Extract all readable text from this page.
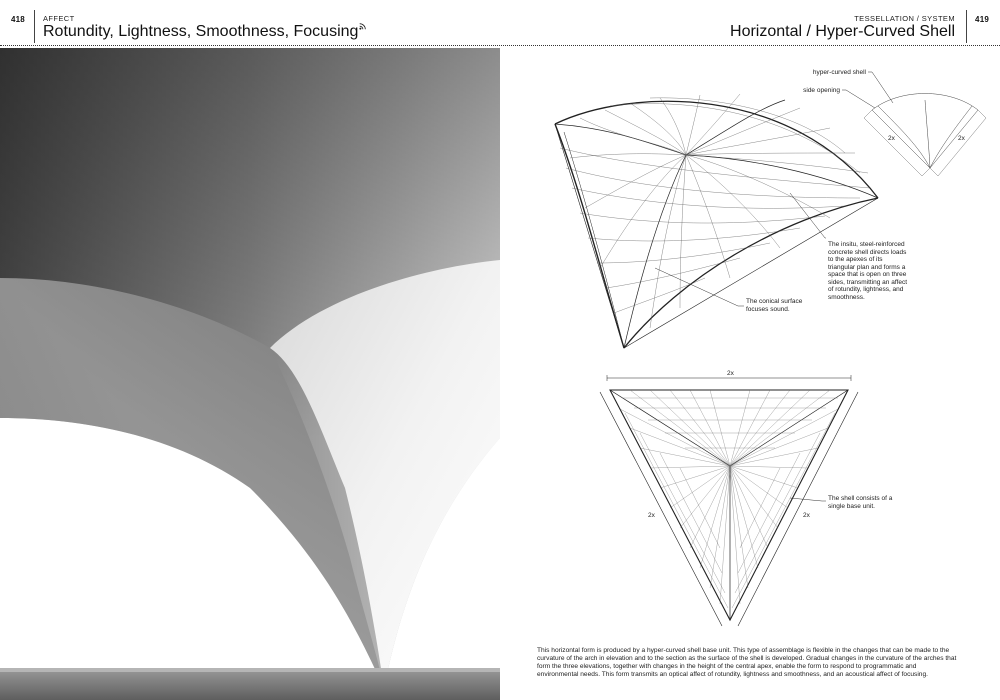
418 AFFECT
Rotundity, Lightness, Smoothness, Focusing
TESSELLATION / SYSTEM
Horizontal / Hyper-Curved Shell
419
2x	2x
hyper-curved shell
side opening
2x
2x	2x
The insitu, steel-reinforced concrete shell directs loads to the apexes of its triangular plan and forms a space that is open on three sides, transmitting an affect of rotundity, lightness, and smoothness.
The conical surface focuses sound.
The shell consists of a single base unit.
This horizontal form is produced by a hyper-curved shell base unit. This type of assemblage is flexible in the changes that can be made to the curvature of the arch in elevation and to the section as the surface of the shell is developed. Gradual changes in the curvature of the arches that form the three elevations, together with changes in the height of the central apex, enable the form to respond to programmatic and environmental needs. This form transmits an optical affect of rotundity, lightness and smoothness, and an acoustical affect of focusing.
